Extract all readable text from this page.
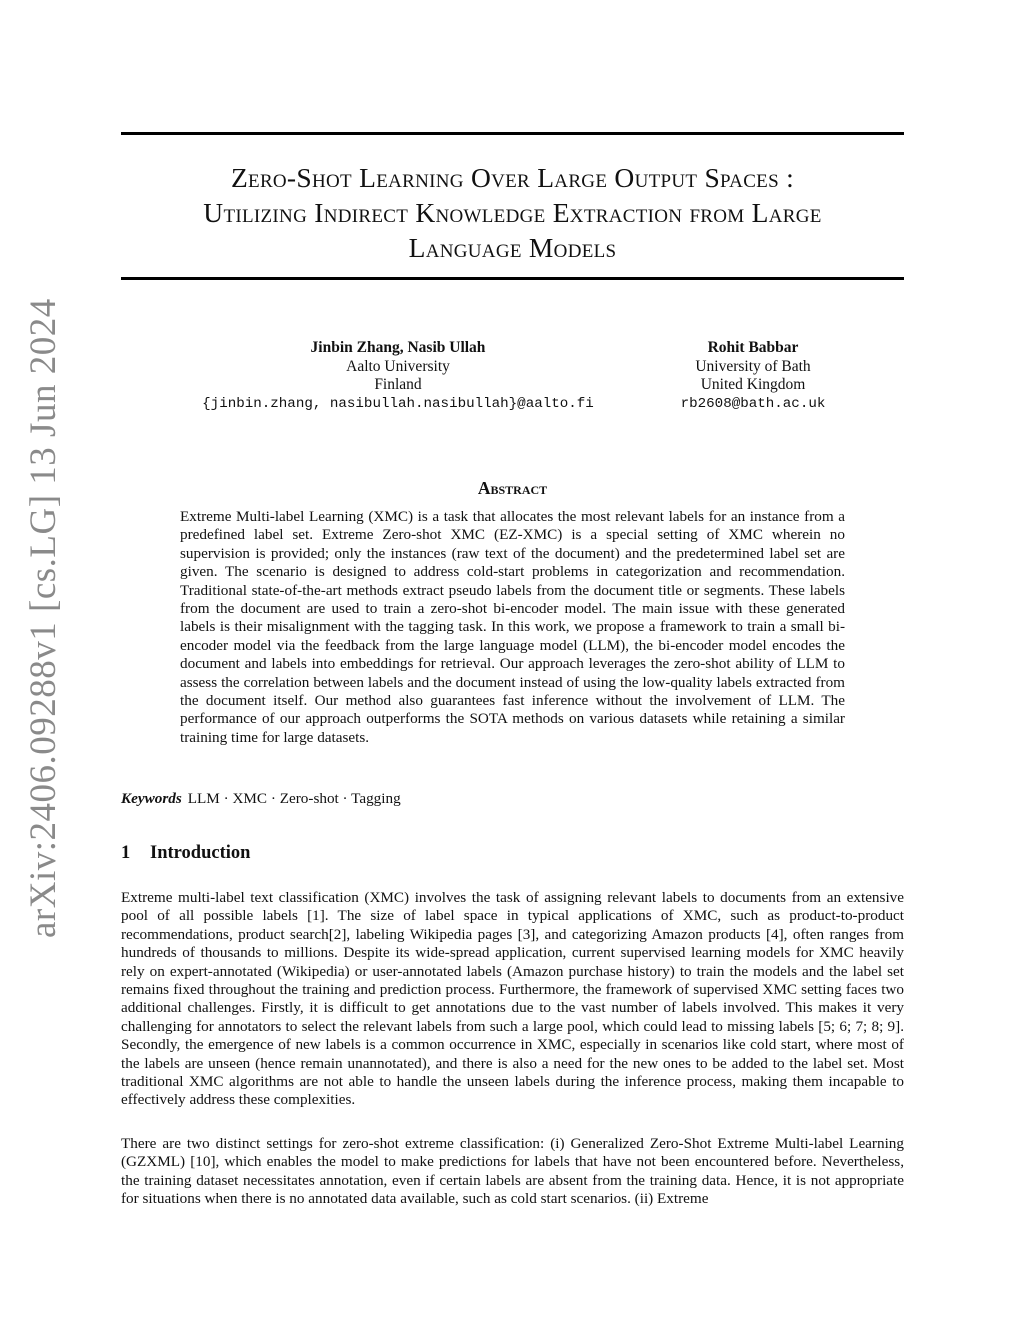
arXiv:2406.09288v1 [cs.LG] 13 Jun 2024
Zero-Shot Learning Over Large Output Spaces :
Utilizing Indirect Knowledge Extraction from Large
Language Models
Jinbin Zhang, Nasib Ullah
Aalto University
Finland
{jinbin.zhang, nasibullah.nasibullah}@aalto.fi
Rohit Babbar
University of Bath
United Kingdom
rb2608@bath.ac.uk
Abstract

Extreme Multi-label Learning (XMC) is a task that allocates the most relevant labels for an instance from a predefined label set. Extreme Zero-shot XMC (EZ-XMC) is a special setting of XMC wherein no supervision is provided; only the instances (raw text of the document) and the predetermined label set are given. The scenario is designed to address cold-start problems in categorization and recommendation. Traditional state-of-the-art methods extract pseudo labels from the document title or segments. These labels from the document are used to train a zero-shot bi-encoder model. The main issue with these generated labels is their misalignment with the tagging task. In this work, we propose a framework to train a small bi-encoder model via the feedback from the large language model (LLM), the bi-encoder model encodes the document and labels into embeddings for retrieval. Our approach leverages the zero-shot ability of LLM to assess the correlation between labels and the document instead of using the low-quality labels extracted from the document itself. Our method also guarantees fast inference without the involvement of LLM. The performance of our approach outperforms the SOTA methods on various datasets while retaining a similar training time for large datasets.

Keywords LLM · XMC · Zero-shot · Tagging
1 Introduction

Extreme multi-label text classification (XMC) involves the task of assigning relevant labels to documents from an extensive pool of all possible labels [1]. The size of label space in typical applications of XMC, such as product-to-product recommendations, product search[2], labeling Wikipedia pages [3], and categorizing Amazon products [4], often ranges from hundreds of thousands to millions. Despite its wide-spread application, current supervised learning models for XMC heavily rely on expert-annotated (Wikipedia) or user-annotated labels (Amazon purchase history) to train the models and the label set remains fixed throughout the training and prediction process. Furthermore, the framework of supervised XMC setting faces two additional challenges. Firstly, it is difficult to get annotations due to the vast number of labels involved. This makes it very challenging for annotators to select the relevant labels from such a large pool, which could lead to missing labels [5; 6; 7; 8; 9]. Secondly, the emergence of new labels is a common occurrence in XMC, especially in scenarios like cold start, where most of the labels are unseen (hence remain unannotated), and there is also a need for the new ones to be added to the label set. Most traditional XMC algorithms are not able to handle the unseen labels during the inference process, making them incapable to effectively address these complexities.

There are two distinct settings for zero-shot extreme classification: (i) Generalized Zero-Shot Extreme Multi-label Learning (GZXML) [10], which enables the model to make predictions for labels that have not been encountered before. Nevertheless, the training dataset necessitates annotation, even if certain labels are absent from the training data. Hence, it is not appropriate for situations when there is no annotated data available, such as cold start scenarios. (ii) Extreme
